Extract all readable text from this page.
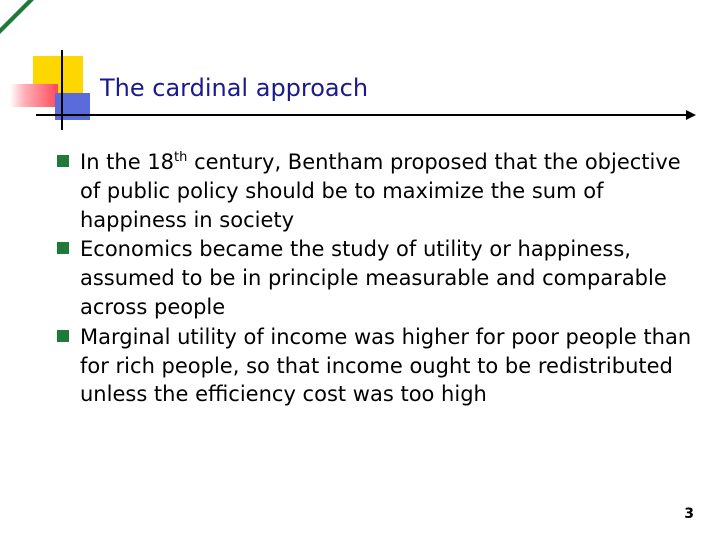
The cardinal approach
In the 18th century, Bentham proposed that the objective of public policy should be to maximize the sum of happiness in society
Economics became the study of utility or happiness, assumed to be in principle measurable and comparable across people
Marginal utility of income was higher for poor people than for rich people, so that income ought to be redistributed unless the efficiency cost was too high
3
